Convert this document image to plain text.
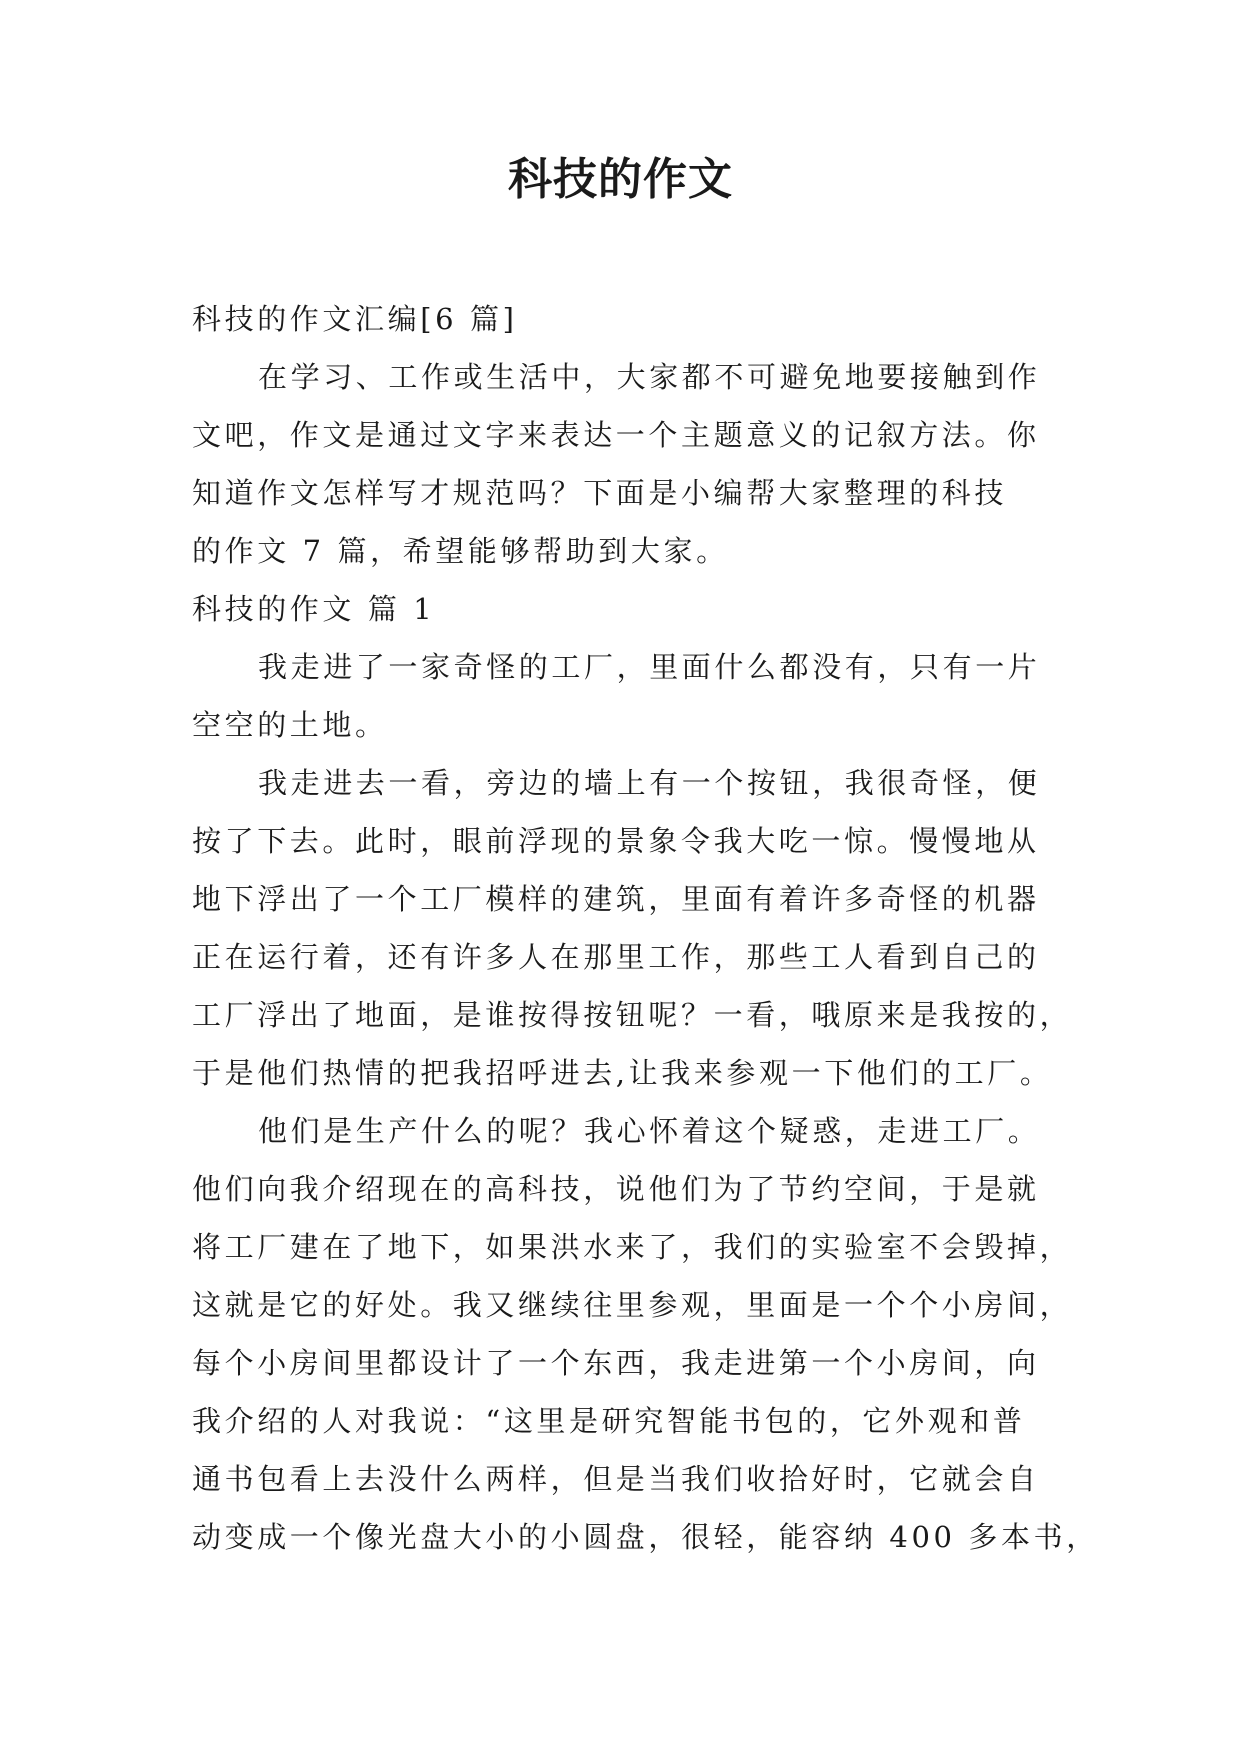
科技的作文

科技的作文汇编[6 篇]

在学习、工作或生活中，大家都不可避免地要接触到作

文吧，作文是通过文字来表达一个主题意义的记叙方法。你

知道作文怎样写才规范吗？下面是小编帮大家整理的科技

的作文 7 篇，希望能够帮助到大家。

科技的作文 篇 1

我走进了一家奇怪的工厂，里面什么都没有，只有一片

空空的土地。

我走进去一看，旁边的墙上有一个按钮，我很奇怪，便

按了下去。此时，眼前浮现的景象令我大吃一惊。慢慢地从

地下浮出了一个工厂模样的建筑，里面有着许多奇怪的机器

正在运行着，还有许多人在那里工作，那些工人看到自己的

工厂浮出了地面，是谁按得按钮呢？一看，哦原来是我按的，

于是他们热情的把我招呼进去,让我来参观一下他们的工厂。

他们是生产什么的呢？我心怀着这个疑惑，走进工厂。

他们向我介绍现在的高科技，说他们为了节约空间，于是就

将工厂建在了地下，如果洪水来了，我们的实验室不会毁掉，

这就是它的好处。我又继续往里参观，里面是一个个小房间，

每个小房间里都设计了一个东西，我走进第一个小房间，向

我介绍的人对我说：“这里是研究智能书包的，它外观和普

通书包看上去没什么两样，但是当我们收拾好时，它就会自

动变成一个像光盘大小的小圆盘，很轻，能容纳 400 多本书，
